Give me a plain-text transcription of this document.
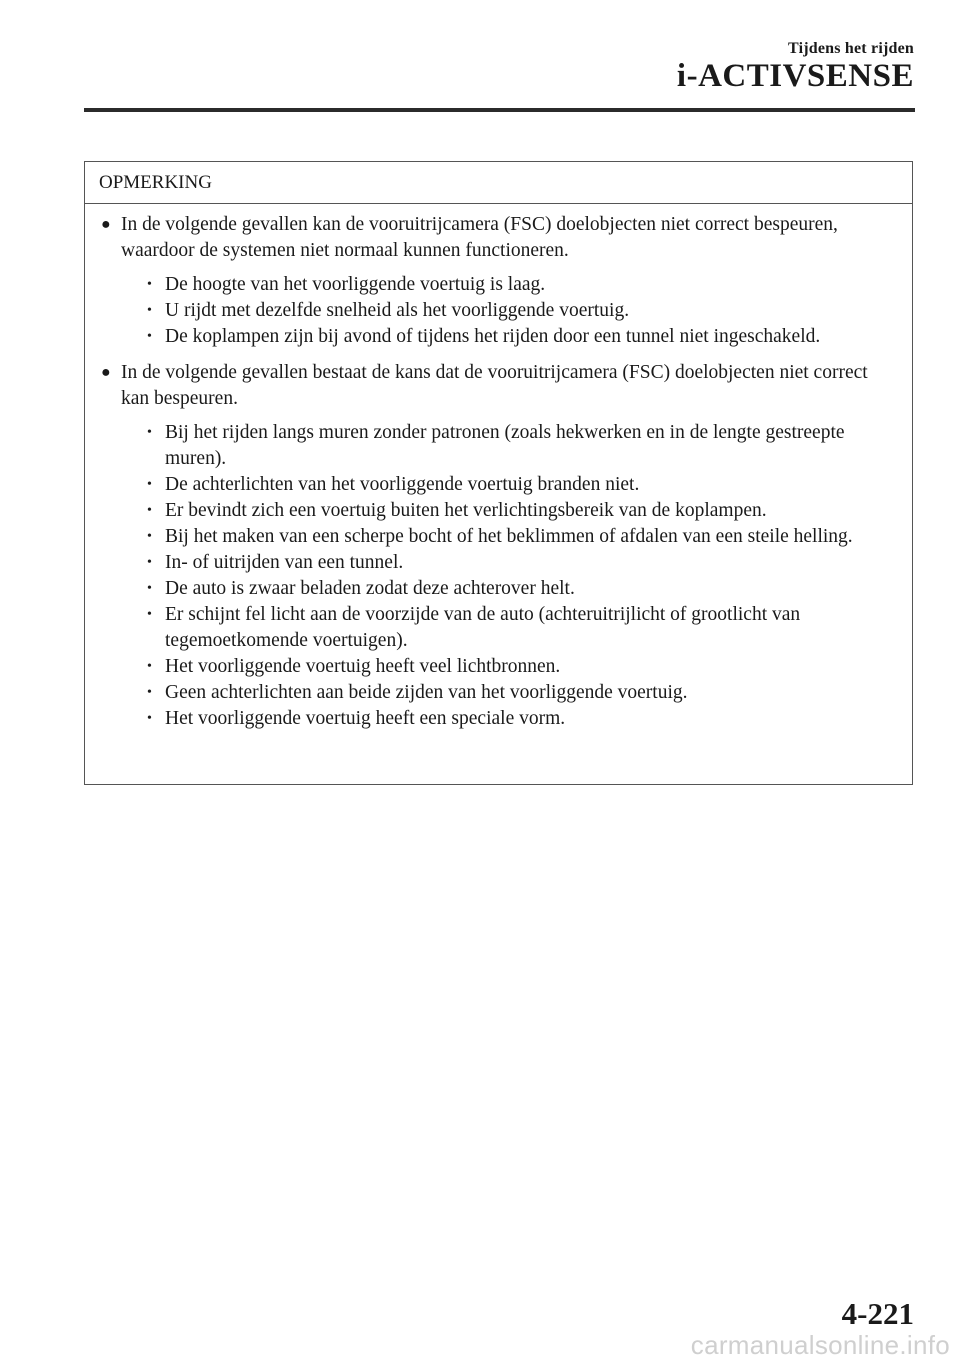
Tijdens het rijden
i-ACTIVSENSE
OPMERKING
● In de volgende gevallen kan de vooruitrijcamera (FSC) doelobjecten niet correct bespeuren, waardoor de systemen niet normaal kunnen functioneren.
• De hoogte van het voorliggende voertuig is laag.
• U rijdt met dezelfde snelheid als het voorliggende voertuig.
• De koplampen zijn bij avond of tijdens het rijden door een tunnel niet ingeschakeld.
● In de volgende gevallen bestaat de kans dat de vooruitrijcamera (FSC) doelobjecten niet correct kan bespeuren.
• Bij het rijden langs muren zonder patronen (zoals hekwerken en in de lengte gestreepte muren).
• De achterlichten van het voorliggende voertuig branden niet.
• Er bevindt zich een voertuig buiten het verlichtingsbereik van de koplampen.
• Bij het maken van een scherpe bocht of het beklimmen of afdalen van een steile helling.
• In- of uitrijden van een tunnel.
• De auto is zwaar beladen zodat deze achterover helt.
• Er schijnt fel licht aan de voorzijde van de auto (achteruitrijlicht of grootlicht van tegemoetkomende voertuigen).
• Het voorliggende voertuig heeft veel lichtbronnen.
• Geen achterlichten aan beide zijden van het voorliggende voertuig.
• Het voorliggende voertuig heeft een speciale vorm.
4-221
carmanualsonline.info
